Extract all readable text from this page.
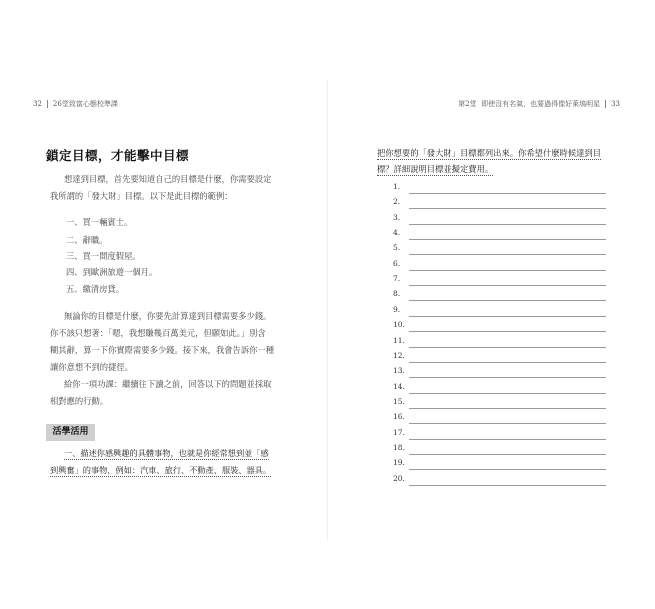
32 26堂致富心態校準課
鎖定目標，才能擊中目標
想達到目標，首先要知道自己的目標是什麼，你需要設定
我所謂的「發大財」目標。以下是此目標的範例：
一、買一輛賓士。
二、辭職。
三、買一間度假屋。
四、到歐洲旅遊一個月。
五、繳清房貸。
無論你的目標是什麼，你要先計算達到目標需要多少錢。
你不該只想著：「嗯，我想賺幾百萬美元，但願如此。」別含
糊其辭，算一下你實際需要多少錢。接下來，我會告訴你一種
讓你意想不到的捷徑。
給你一項功課：繼續往下讀之前，回答以下的問題並採取
相對應的行動。
活學活用
一、描述你感興趣的具體事物，也就是你經常想到並「感
到興奮」的事物，例如：汽車、旅行、不動產、服裝、器具。
第2堂 即使沒有名氣，也要過得像好萊塢明星 33
把你想要的「發大財」目標都列出來。你希望什麼時候達到目
標？詳細說明目標並擬定費用。
1.
2.
3.
4.
5.
6.
7.
8.
9.
10.
11.
12.
13.
14.
15.
16.
17.
18.
19.
20.
